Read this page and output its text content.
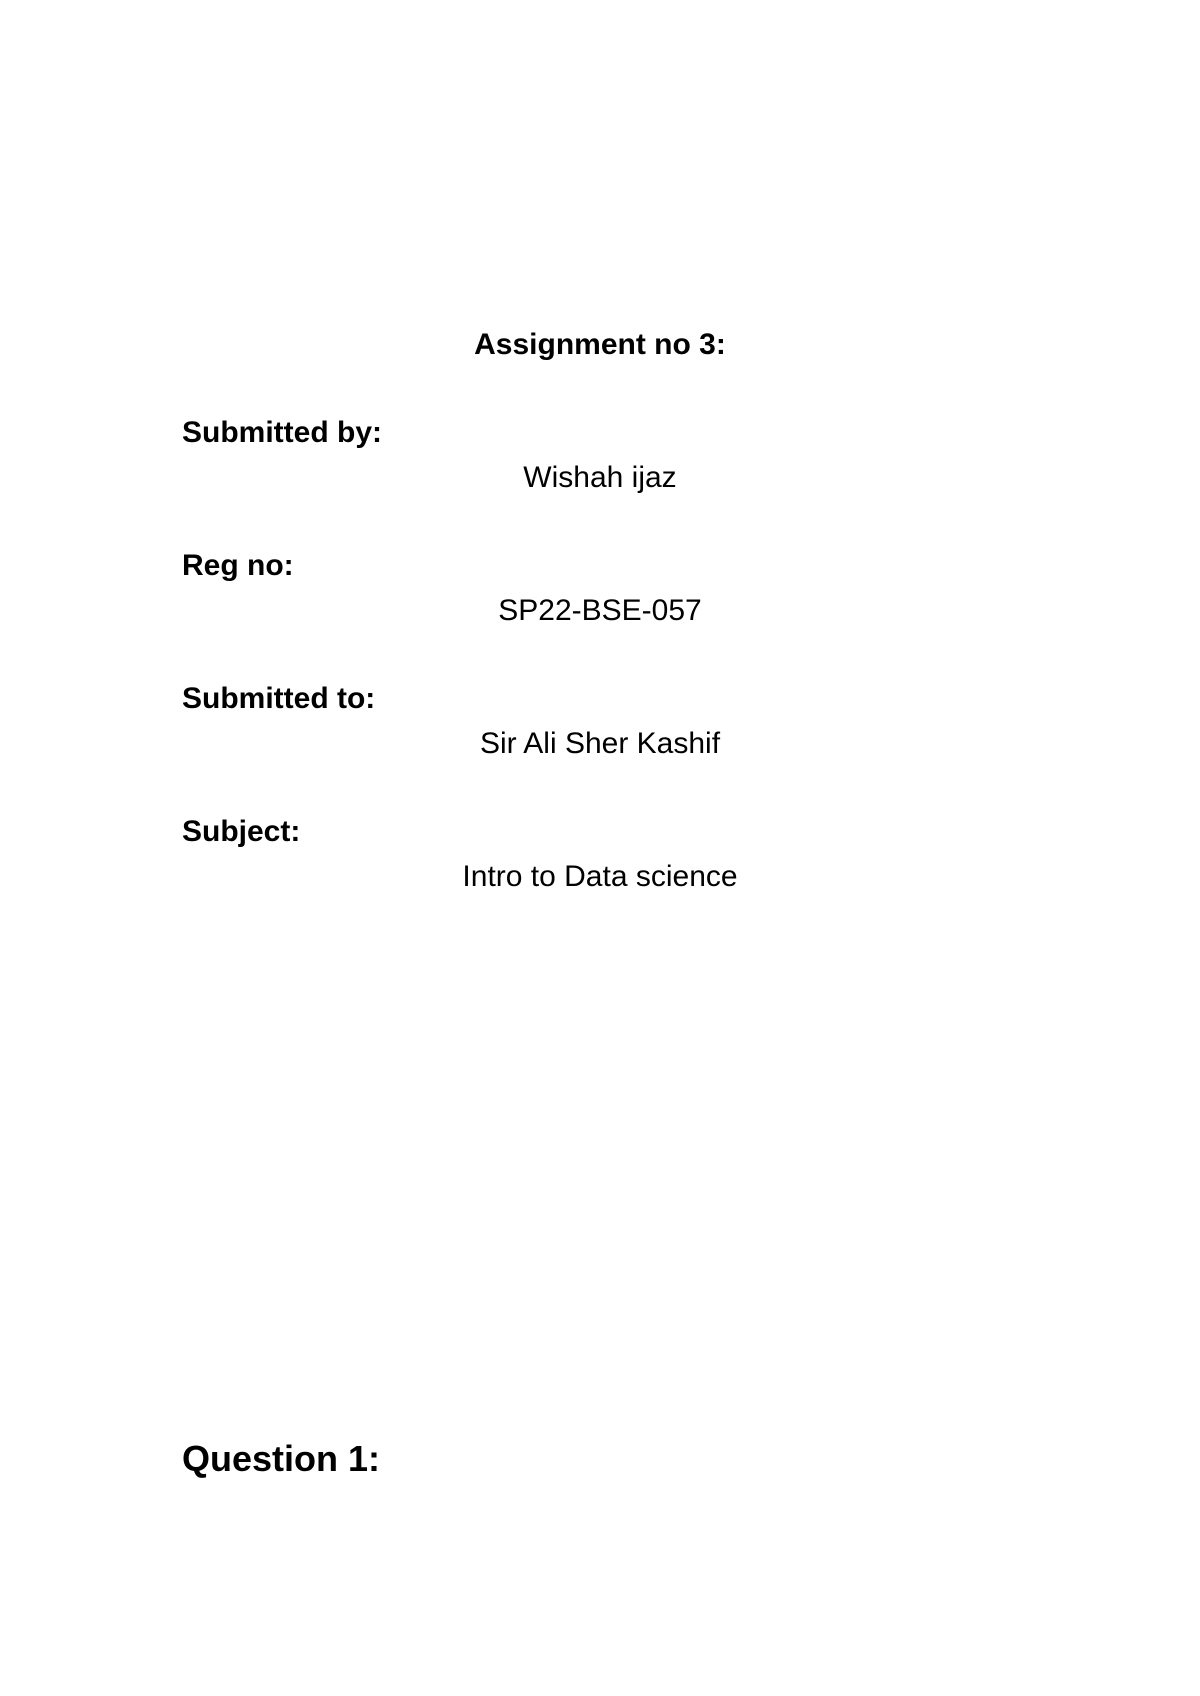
Assignment no 3:
Submitted by:
Wishah ijaz
Reg no:
SP22-BSE-057
Submitted to:
Sir Ali Sher Kashif
Subject:
Intro to Data science
Question 1:
